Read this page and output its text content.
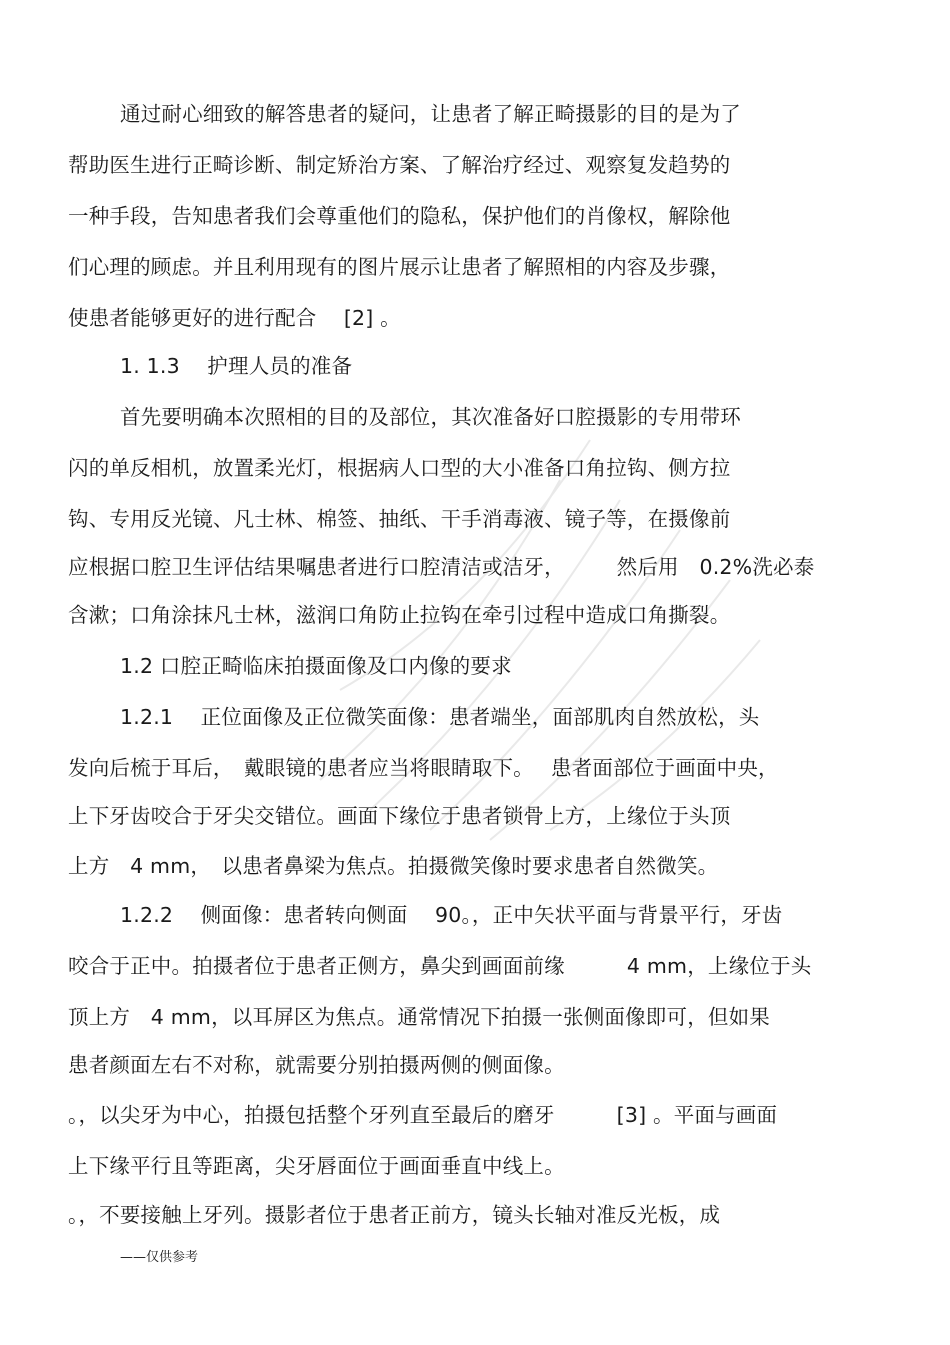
通过耐心细致的解答患者的疑问，让患者了解正畸摄影的目的是为了
帮助医生进行正畸诊断、制定矫治方案、了解治疗经过、观察复发趋势的
一种手段，告知患者我们会尊重他们的隐私，保护他们的肖像权，解除他
们心理的顾虑。并且利用现有的图片展示让患者了解照相的内容及步骤，
使患者能够更好的进行配合　 [2] 。
1. 1.3　 护理人员的准备
首先要明确本次照相的目的及部位，其次准备好口腔摄影的专用带环
闪的单反相机，放置柔光灯，根据病人口型的大小准备口角拉钩、侧方拉
钩、专用反光镜、凡士林、棉签、抽纸、干手消毒液、镜子等，在摄像前
应根据口腔卫生评估结果嘱患者进行口腔清洁或洁牙，　　　然后用　0.2%洗必泰
含漱；口角涂抹凡士林，滋润口角防止拉钩在牵引过程中造成口角撕裂。
1.2 口腔正畸临床拍摄面像及口内像的要求
1.2.1　 正位面像及正位微笑面像：患者端坐，面部肌肉自然放松，头
发向后梳于耳后，　戴眼镜的患者应当将眼睛取下。　 患者面部位于画面中央，
上下牙齿咬合于牙尖交错位。画面下缘位于患者锁骨上方，上缘位于头顶
上方　4 mm，　以患者鼻梁为焦点。拍摄微笑像时要求患者自然微笑。
1.2.2　 侧面像：患者转向侧面　 90。，正中矢状平面与背景平行，牙齿
咬合于正中。拍摄者位于患者正侧方，鼻尖到画面前缘　　　4 mm，上缘位于头
顶上方　4 mm，以耳屏区为焦点。通常情况下拍摄一张侧面像即可，但如果
患者颜面左右不对称，就需要分别拍摄两侧的侧面像。
。，以尖牙为中心，拍摄包括整个牙列直至最后的磨牙　　　[3] 。平面与画面
上下缘平行且等距离，尖牙唇面位于画面垂直中线上。
。，不要接触上牙列。摄影者位于患者正前方，镜头长轴对准反光板，成
——仅供参考
